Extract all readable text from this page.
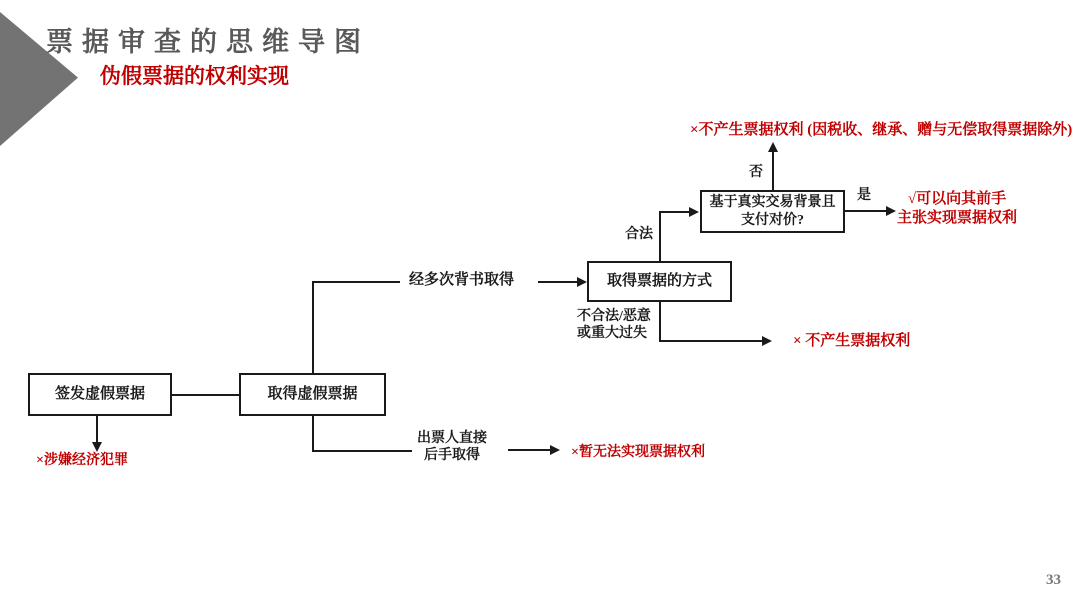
票据审查的思维导图
伪假票据的权利实现
33
签发虚假票据	取得虚假票据
取得票据的方式
基于真实交易背景且
支付对价?
经多次背书取得
出票人直接
后手取得
合法
不合法/恶意
或重大过失
否
是
×涉嫌经济犯罪
×不产生票据权利 (因税收、继承、赠与无偿取得票据除外)
√可以向其前手
主张实现票据权利
× 不产生票据权利
×暂无法实现票据权利
